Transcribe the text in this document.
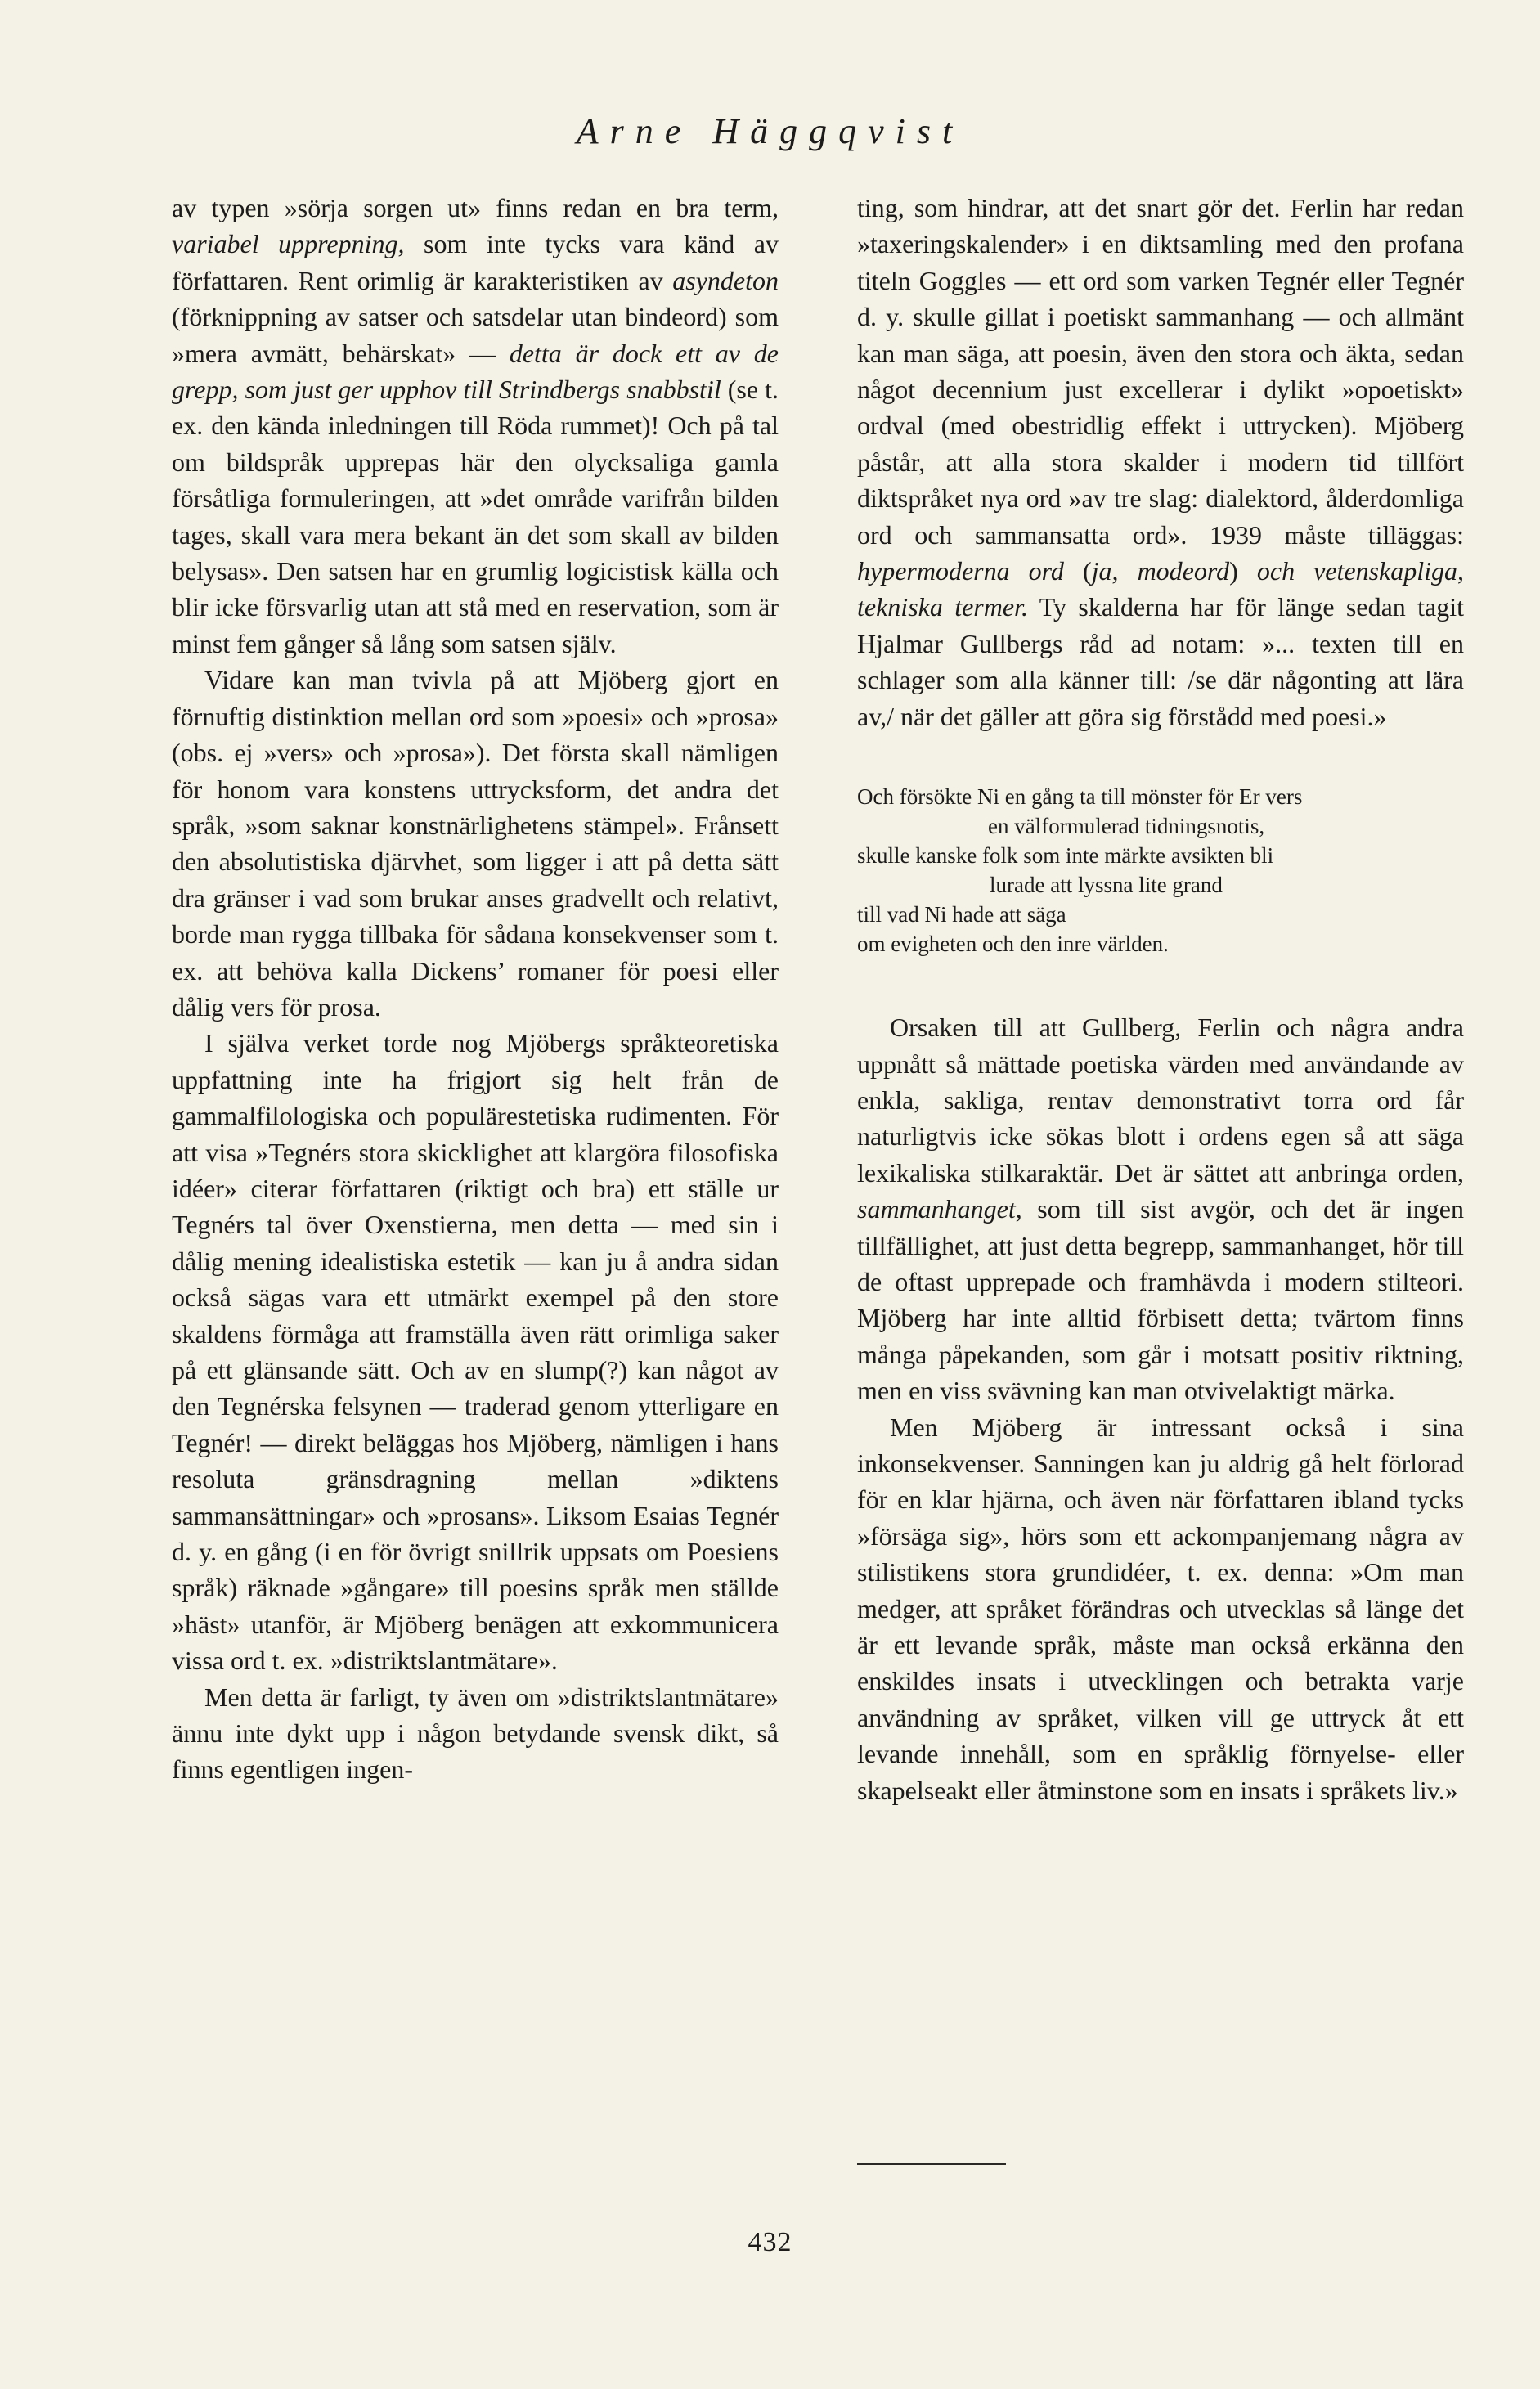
Arne Häggqvist

av typen »sörja sorgen ut» finns redan en bra term, variabel upprepning, som inte tycks vara känd av författaren. Rent orimlig är karakteristiken av asyndeton (förknippning av satser och satsdelar utan bindeord) som »mera avmätt, behärskat» — detta är dock ett av de grepp, som just ger upphov till Strindbergs snabbstil (se t. ex. den kända inledningen till Röda rummet)! Och på tal om bildspråk upprepas här den olycksaliga gamla försåtliga formuleringen, att »det område varifrån bilden tages, skall vara mera bekant än det som skall av bilden belysas». Den satsen har en grumlig logicistisk källa och blir icke försvarlig utan att stå med en reservation, som är minst fem gånger så lång som satsen själv.

Vidare kan man tvivla på att Mjöberg gjort en förnuftig distinktion mellan ord som »poesi» och »prosa» (obs. ej »vers» och »prosa»). Det första skall nämligen för honom vara konstens uttrycksform, det andra det språk, »som saknar konstnärlighetens stämpel». Frånsett den absolutistiska djärvhet, som ligger i att på detta sätt dra gränser i vad som brukar anses gradvellt och relativt, borde man rygga tillbaka för sådana konsekvenser som t. ex. att behöva kalla Dickens’ romaner för poesi eller dålig vers för prosa.

I själva verket torde nog Mjöbergs språkteoretiska uppfattning inte ha frigjort sig helt från de gammalfilologiska och populärestetiska rudimenten. För att visa »Tegnérs stora skicklighet att klargöra filosofiska idéer» citerar författaren (riktigt och bra) ett ställe ur Tegnérs tal över Oxenstierna, men detta — med sin i dålig mening idealistiska estetik — kan ju å andra sidan också sägas vara ett utmärkt exempel på den store skaldens förmåga att framställa även rätt orimliga saker på ett glänsande sätt. Och av en slump(?) kan något av den Tegnérska felsynen — traderad genom ytterligare en Tegnér! — direkt beläggas hos Mjöberg, nämligen i hans resoluta gränsdragning mellan »diktens sammansättningar» och »prosans». Liksom Esaias Tegnér d. y. en gång (i en för övrigt snillrik uppsats om Poesiens språk) räknade »gångare» till poesins språk men ställde »häst» utanför, är Mjöberg benägen att exkommunicera vissa ord t. ex. »distriktslantmätare».

Men detta är farligt, ty även om »distriktslantmätare» ännu inte dykt upp i någon betydande svensk dikt, så finns egentligen ingen-

ting, som hindrar, att det snart gör det. Ferlin har redan »taxeringskalender» i en diktsamling med den profana titeln Goggles — ett ord som varken Tegnér eller Tegnér d. y. skulle gillat i poetiskt sammanhang — och allmänt kan man säga, att poesin, även den stora och äkta, sedan något decennium just excellerar i dylikt »opoetiskt» ordval (med obestridlig effekt i uttrycken). Mjöberg påstår, att alla stora skalder i modern tid tillfört diktspråket nya ord »av tre slag: dialektord, ålderdomliga ord och sammansatta ord». 1939 måste tilläggas: hypermoderna ord (ja, modeord) och vetenskapliga, tekniska termer. Ty skalderna har för länge sedan tagit Hjalmar Gullbergs råd ad notam: »... texten till en schlager som alla känner till: /se där någonting att lära av,/ när det gäller att göra sig förstådd med poesi.»

Och försökte Ni en gång ta till mönster för Er vers
en välformulerad tidningsnotis,
skulle kanske folk som inte märkte avsikten bli
lurade att lyssna lite grand
till vad Ni hade att säga
om evigheten och den inre världen.

Orsaken till att Gullberg, Ferlin och några andra uppnått så mättade poetiska värden med användande av enkla, sakliga, rentav demonstrativt torra ord får naturligtvis icke sökas blott i ordens egen så att säga lexikaliska stilkaraktär. Det är sättet att anbringa orden, sammanhanget, som till sist avgör, och det är ingen tillfällighet, att just detta begrepp, sammanhanget, hör till de oftast upprepade och framhävda i modern stilteori. Mjöberg har inte alltid förbisett detta; tvärtom finns många påpekanden, som går i motsatt positiv riktning, men en viss svävning kan man otvivelaktigt märka.

Men Mjöberg är intressant också i sina inkonsekvenser. Sanningen kan ju aldrig gå helt förlorad för en klar hjärna, och även när författaren ibland tycks »försäga sig», hörs som ett ackompanjemang några av stilistikens stora grundidéer, t. ex. denna: »Om man medger, att språket förändras och utvecklas så länge det är ett levande språk, måste man också erkänna den enskildes insats i utvecklingen och betrakta varje användning av språket, vilken vill ge uttryck åt ett levande innehåll, som en språklig förnyelse- eller skapelseakt eller åtminstone som en insats i språkets liv.»

432
